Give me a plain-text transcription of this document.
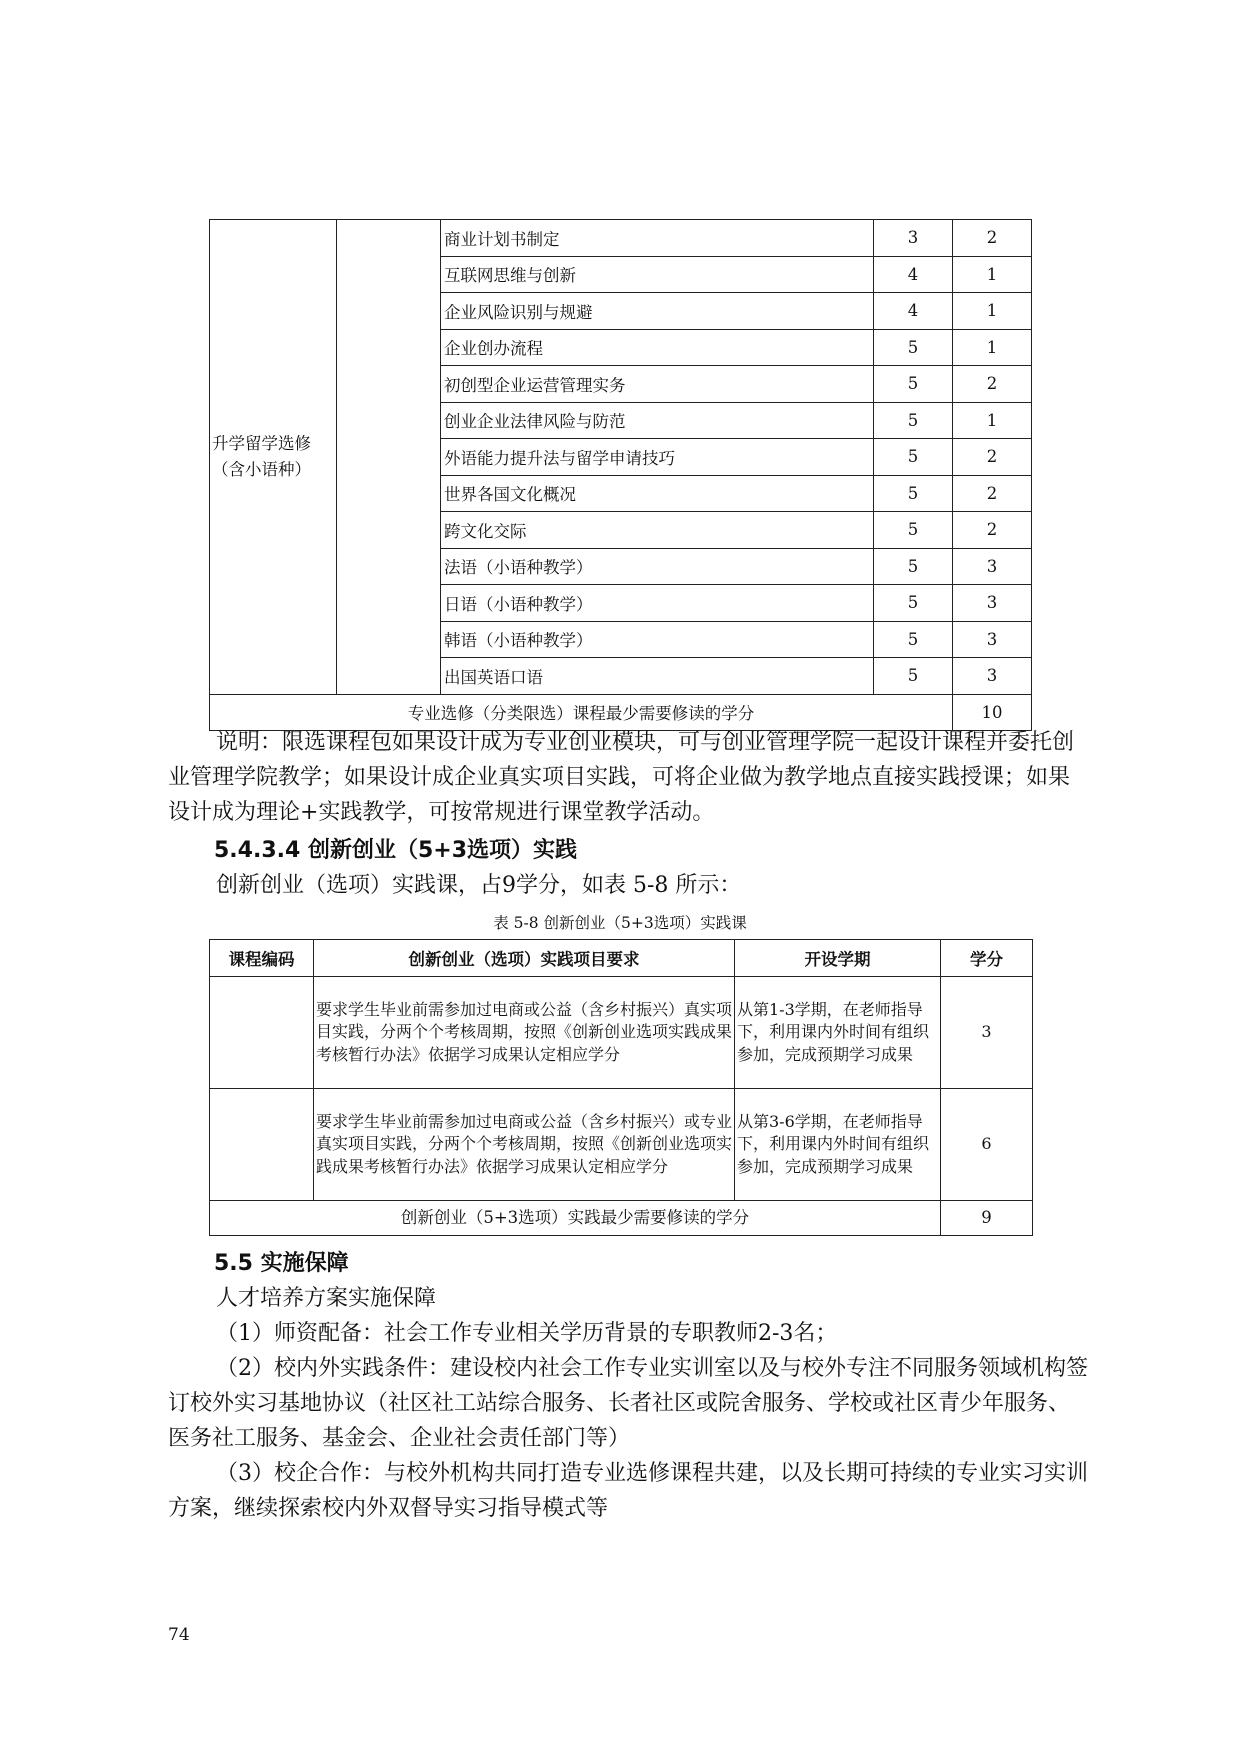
升学留学选修（含小语种）		商业计划书制定	3	2
		互联网思维与创新	4	1
		企业风险识别与规避	4	1
		企业创办流程	5	1
		初创型企业运营管理实务	5	2
		创业企业法律风险与防范	5	1
		外语能力提升法与留学申请技巧	5	2
		世界各国文化概况	5	2
		跨文化交际	5	2
		法语（小语种教学）	5	3
		日语（小语种教学）	5	3
		韩语（小语种教学）	5	3
		出国英语口语	5	3
专业选修（分类限选）课程最少需要修读的学分				10

说明：限选课程包如果设计成为专业创业模块，可与创业管理学院一起设计课程并委托创业管理学院教学；如果设计成企业真实项目实践，可将企业做为教学地点直接实践授课；如果设计成为理论+实践教学，可按常规进行课堂教学活动。

5.4.3.4 创新创业（5+3选项）实践

创新创业（选项）实践课，占9学分，如表 5-8 所示：

表 5-8 创新创业（5+3选项）实践课
课程编码	创新创业（选项）实践项目要求	开设学期	学分
	要求学生毕业前需参加过电商或公益（含乡村振兴）真实项目实践，分两个个考核周期，按照《创新创业选项实践成果考核暂行办法》依据学习成果认定相应学分	从第1-3学期，在老师指导下，利用课内外时间有组织参加，完成预期学习成果	3
	要求学生毕业前需参加过电商或公益（含乡村振兴）或专业真实项目实践，分两个个考核周期，按照《创新创业选项实践成果考核暂行办法》依据学习成果认定相应学分	从第3-6学期，在老师指导下，利用课内外时间有组织参加，完成预期学习成果	6
创新创业（5+3选项）实践最少需要修读的学分			9

5.5 实施保障

人才培养方案实施保障

（1）师资配备：社会工作专业相关学历背景的专职教师2-3名；

（2）校内外实践条件：建设校内社会工作专业实训室以及与校外专注不同服务领域机构签订校外实习基地协议（社区社工站综合服务、长者社区或院舍服务、学校或社区青少年服务、医务社工服务、基金会、企业社会责任部门等）

（3）校企合作：与校外机构共同打造专业选修课程共建，以及长期可持续的专业实习实训方案，继续探索校内外双督导实习指导模式等

74
